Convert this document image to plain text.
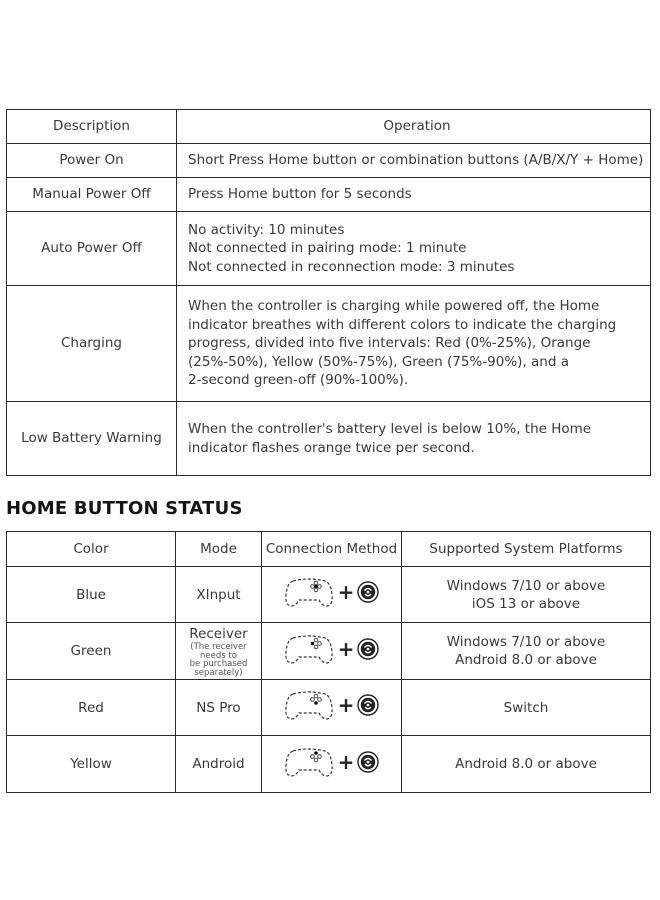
Description	Operation
Power On	Short Press Home button or combination buttons (A/B/X/Y + Home)

Manual Power Off	Press Home button for 5 seconds

Auto Power Off	No activity: 10 minutes
Not connected in pairing mode: 1 minute
Not connected in reconnection mode: 3 minutes

Charging	When the controller is charging while powered off, the Home
indicator breathes with different colors to indicate the charging
progress, divided into five intervals: Red (0%-25%), Orange
(25%-50%), Yellow (50%-75%), Green (75%-90%), and a
2-second green-off (90%-100%).

Low Battery Warning	When the controller's battery level is below 10%, the Home
indicator flashes orange twice per second.
HOME BUTTON STATUS
Color	Mode	Connection Method	Supported System Platforms
Blue	XInput	+	Windows 7/10 or above
iOS 13 or above

Green	Receiver
(The receiver
needs to
be purchased
separately)	+	Windows 7/10 or above
Android 8.0 or above

Red	NS Pro	+	Switch

Yellow	Android	+	Android 8.0 or above
